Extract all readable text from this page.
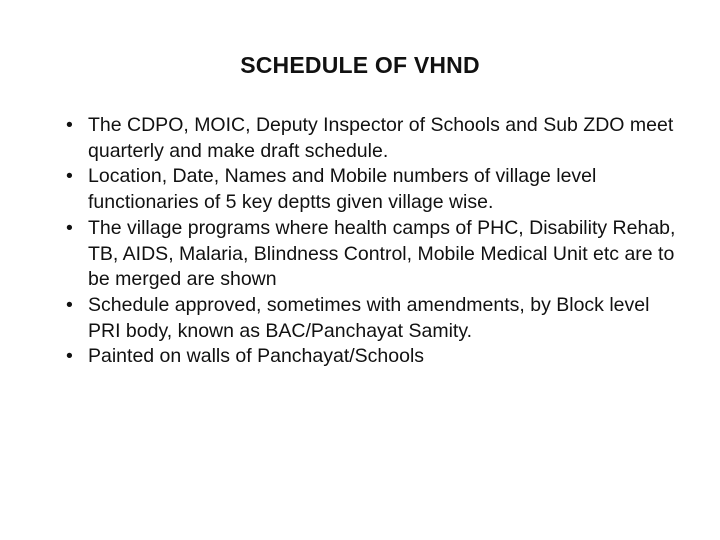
SCHEDULE OF VHND
• The CDPO, MOIC, Deputy Inspector of Schools and Sub ZDO meet quarterly and make draft schedule.
• Location, Date, Names and Mobile numbers of village level functionaries of 5 key deptts given village wise.
• The village programs where health camps of PHC, Disability Rehab, TB, AIDS, Malaria, Blindness Control, Mobile Medical Unit etc are to be merged are shown
• Schedule approved, sometimes with amendments, by Block level PRI body, known as BAC/Panchayat Samity.
• Painted on walls of Panchayat/Schools
